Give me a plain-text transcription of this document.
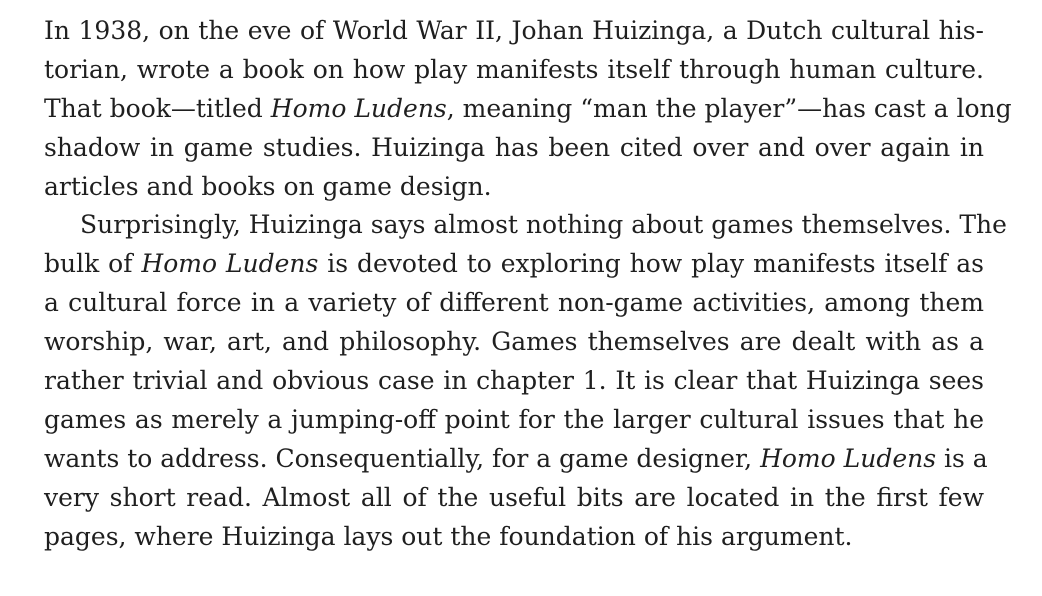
In 1938, on the eve of World War II, Johan Huizinga, a Dutch cultural his-
torian, wrote a book on how play manifests itself through human culture.
That book—titled Homo Ludens, meaning “man the player”—has cast a long
shadow in game studies. Huizinga has been cited over and over again in
articles and books on game design.
Surprisingly, Huizinga says almost nothing about games themselves. The
bulk of Homo Ludens is devoted to exploring how play manifests itself as
a cultural force in a variety of different non-game activities, among them
worship, war, art, and philosophy. Games themselves are dealt with as a
rather trivial and obvious case in chapter 1. It is clear that Huizinga sees
games as merely a jumping-off point for the larger cultural issues that he
wants to address. Consequentially, for a game designer, Homo Ludens is a
very short read. Almost all of the useful bits are located in the first few
pages, where Huizinga lays out the foundation of his argument.
